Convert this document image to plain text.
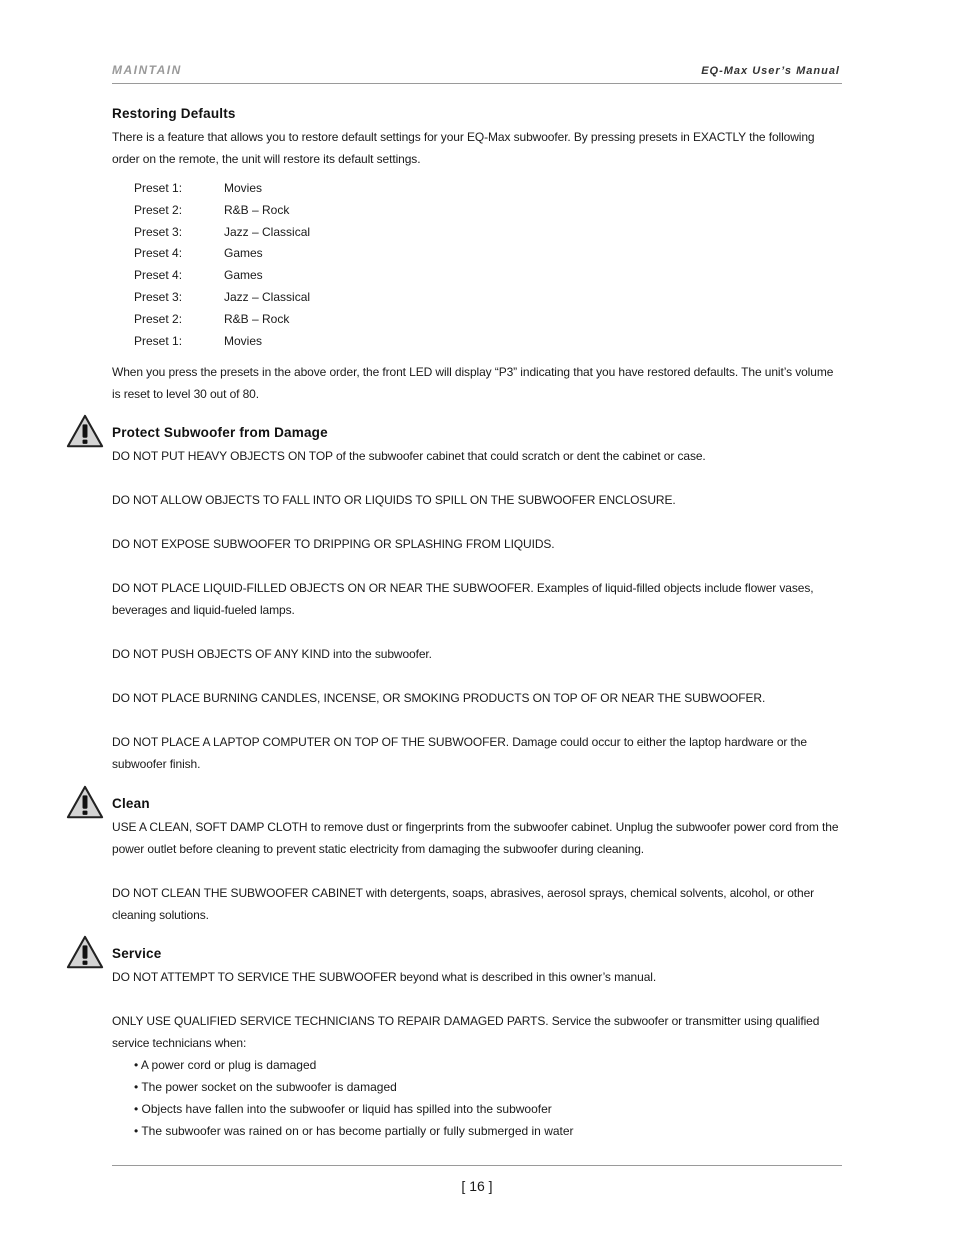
MAINTAIN	EQ-Max User’s Manual
Restoring Defaults

There is a feature that allows you to restore default settings for your EQ-Max subwoofer. By pressing presets in EXACTLY the following order on the remote, the unit will restore its default settings.

Preset 1:	Movies
Preset 2:	R&B – Rock
Preset 3:	Jazz – Classical
Preset 4:	Games
Preset 4:	Games
Preset 3:	Jazz – Classical
Preset 2:	R&B – Rock
Preset 1:	Movies

When you press the presets in the above order, the front LED will display “P3” indicating that you have restored defaults. The unit’s volume is reset to level 30 out of 80.

Protect Subwoofer from Damage

DO NOT PUT HEAVY OBJECTS ON TOP of the subwoofer cabinet that could scratch or dent the cabinet or case.

DO NOT ALLOW OBJECTS TO FALL INTO OR LIQUIDS TO SPILL ON THE SUBWOOFER ENCLOSURE.

DO NOT EXPOSE SUBWOOFER TO DRIPPING OR SPLASHING FROM LIQUIDS.

DO NOT PLACE LIQUID-FILLED OBJECTS ON OR NEAR THE SUBWOOFER. Examples of liquid-filled objects include flower vases, beverages and liquid-fueled lamps.

DO NOT PUSH OBJECTS OF ANY KIND into the subwoofer.

DO NOT PLACE BURNING CANDLES, INCENSE, OR SMOKING PRODUCTS ON TOP OF OR NEAR THE SUBWOOFER.

DO NOT PLACE A LAPTOP COMPUTER ON TOP OF THE SUBWOOFER. Damage could occur to either the laptop hardware or the subwoofer finish.

Clean

USE A CLEAN, SOFT DAMP CLOTH to remove dust or fingerprints from the subwoofer cabinet. Unplug the subwoofer power cord from the power outlet before cleaning to prevent static electricity from damaging the subwoofer during cleaning.

DO NOT CLEAN THE SUBWOOFER CABINET with detergents, soaps, abrasives, aerosol sprays, chemical solvents, alcohol, or other cleaning solutions.

Service

DO NOT ATTEMPT TO SERVICE THE SUBWOOFER beyond what is described in this owner’s manual.

ONLY USE QUALIFIED SERVICE TECHNICIANS TO REPAIR DAMAGED PARTS. Service the subwoofer or transmitter using qualified service technicians when:

• A power cord or plug is damaged
• The power socket on the subwoofer is damaged
• Objects have fallen into the subwoofer or liquid has spilled into the subwoofer
• The subwoofer was rained on or has become partially or fully submerged in water
[ 16 ]
